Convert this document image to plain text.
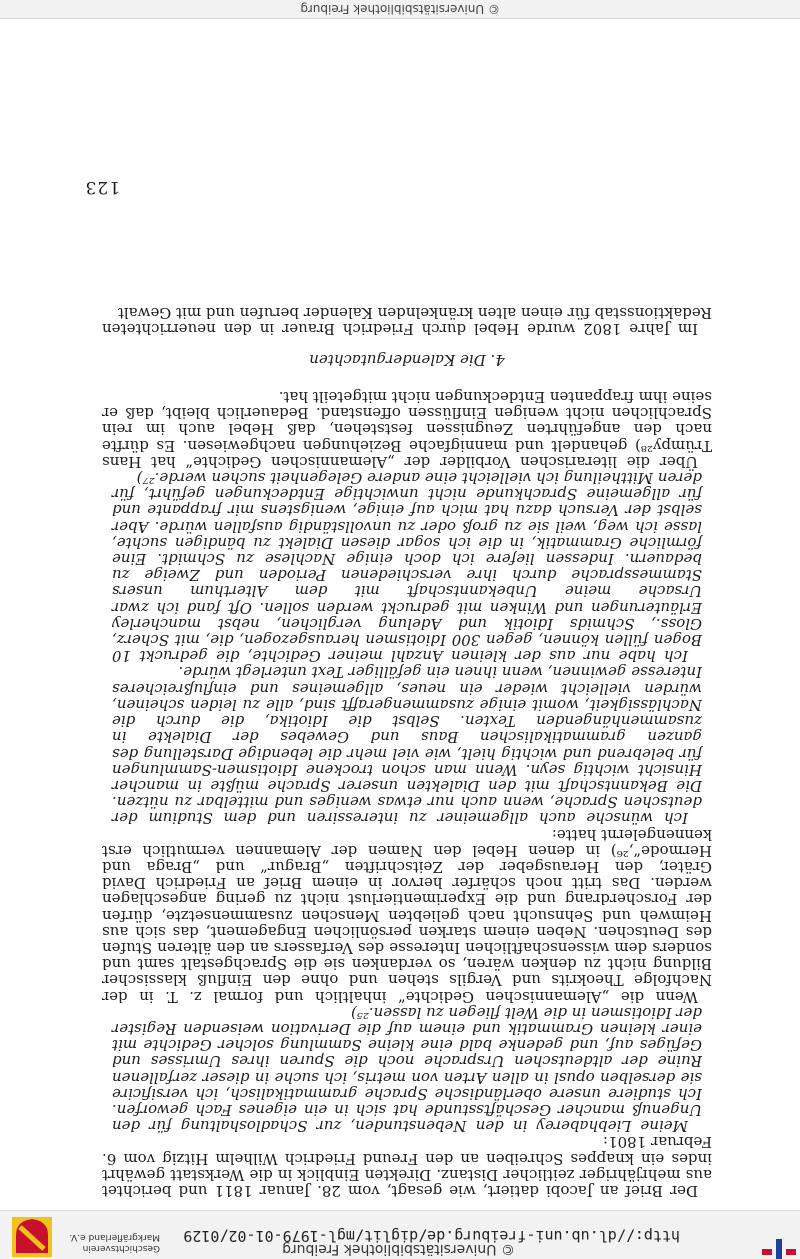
http://dl.ub.uni-freiburg.de/diglit/mgl-1979-01-02/0129
© Universitätsbibliothek Freiburg
Geschichtsverein
Markgräflerland e.V.

Der Brief an Jacobi datiert, wie gesagt, vom 28. Januar 1811 und berichtet aus mehrjähriger zeitlicher Distanz. Direkten Einblick in die Werkstatt gewährt indes ein knappes Schreiben an den Freund Friedrich Wilhelm Hitzig vom 6. Februar 1801:

Meine Liebhaberey in den Nebenstunden, zur Schadloshaltung für den Ungenuß mancher Geschäftsstunde hat sich in ein eigenes Fach geworfen. Ich studiere unsere oberländische Sprache grammatikalisch, ich versificire sie derselben opusl in allen Arten von metris, ich suche in dieser zerfallenen Ruine der altdeutschen Ursprache noch die Spuren ihres Umrisses und Gefüges auf, und gedenke bald eine kleine Sammlung solcher Gedichte mit einer kleinen Grammatik und einem auf die Derivation weisenden Register der Idiotismen in die Welt fliegen zu lassen.²⁵)

Wenn die „Alemannischen Gedichte“ inhaltlich und formal z. T. in der Nachfolge Theokrits und Vergils stehen und ohne den Einfluß klassischer Bildung nicht zu denken wären, so verdanken sie die Sprachgestalt samt und sonders dem wissenschaftlichen Interesse des Verfassers an den älteren Stufen des Deutschen. Neben einem starken persönlichen Engagement, das sich aus Heimweh und Sehnsucht nach geliebten Menschen zusammensetzte, dürfen der Forscherdrang und die Experimentierlust nicht zu gering angeschlagen werden. Das tritt noch schärfer hervor in einem Brief an Friedrich David Gräter, den Herausgeber der Zeitschriften „Bragur“ und „Braga und Hermode“,²⁶) in denen Hebel den Namen der Alemannen vermutlich erst kennengelernt hatte:

Ich wünsche auch allgemeiner zu interessiren und dem Studium der deutschen Sprache, wenn auch nur etwas weniges und mittelbar zu nützen. Die Bekanntschaft mit den Dialekten unserer Sprache müßte in mancher Hinsicht wichtig seyn. Wenn man schon trockene Idiotismen-Sammlungen für belebrend und wichtig hielt, wie viel mehr die lebendige Darstellung des ganzen grammatikalischen Baus und Gewebes der Dialekte in zusammenhängenden Texten. Selbst die Idiotika, die durch die Nachlässigkeit, womit einige zusammengerafft sind, alle zu leiden scheinen, würden vielleicht wieder ein neues, allgemeines und einflußreicheres Interesse gewinnen, wenn ihnen ein gefälliger Text unterlegt würde.

Ich habe nur aus der kleinen Anzahl meiner Gedichte, die gedruckt 10 Bogen füllen können, gegen 300 Idiotismen herausgezogen, die, mit Scherz, Gloss., Schmids Idiotik und Adelung verglichen, nebst mancherley Erläuterungen und Winken mit gedruckt werden sollen. Oft fand ich zwar Ursache meine Unbekanntschaft mit dem Alterthum unsers Stammessprache durch ihre verschiedenen Perioden und Zweige zu bedauern. Indessen liefere ich doch einige Nachlese zu Schmidt. Eine förmliche Grammatik, in die ich sogar diesen Dialekt zu bändigen suchte, lasse ich weg, weil sie zu groß oder zu unvollständig ausfallen würde. Aber selbst der Versuch dazu hat mich auf einige, wenigstens mir frappante und für allgemeine Sprachkunde nicht unwichtige Entdeckungen geführt, für deren Mittheilung ich vielleicht eine andere Gelegenheit suchen werde.²⁷)

Über die literarischen Vorbilder der „Alemannischen Gedichte“ hat Hans Trümpy²⁸) gehandelt und mannigfache Beziehungen nachgewiesen. Es dürfte nach den angeführten Zeugnissen feststehen, daß Hebel auch im rein Sprachlichen nicht wenigen Einflüssen offenstand. Bedauerlich bleibt, daß er seine ihm frappanten Entdeckungen nicht mitgeteilt hat.

4. Die Kalendergutachten

Im Jahre 1802 wurde Hebel durch Friedrich Brauer in den neuerrichteten Redaktionsstab für einen alten kränkelnden Kalender berufen und mit Gewalt

123
© Universitätsbibliothek Freiburg
